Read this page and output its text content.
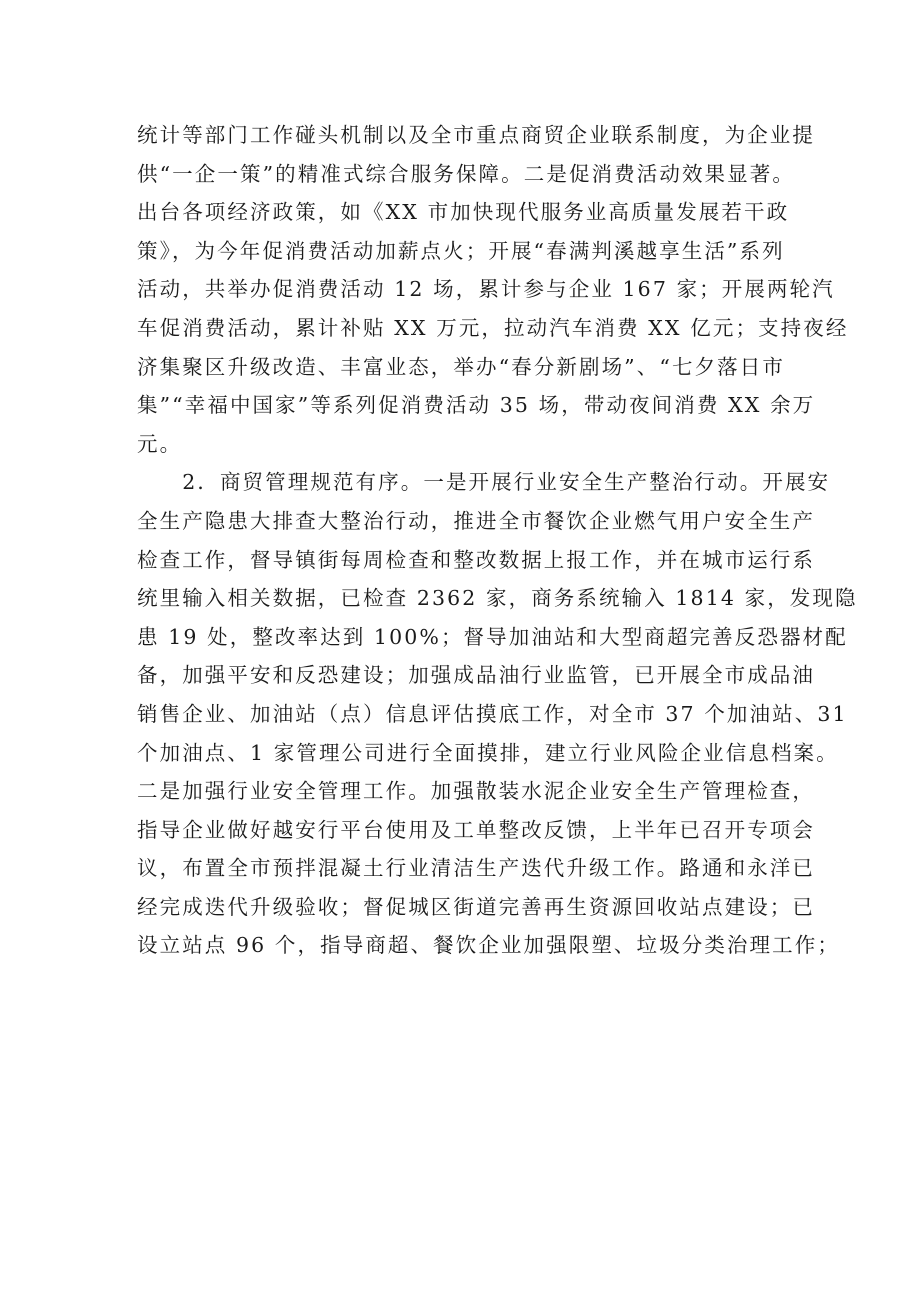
统计等部门工作碰头机制以及全市重点商贸企业联系制度，为企业提
供“一企一策”的精准式综合服务保障。二是促消费活动效果显著。
出台各项经济政策，如《XX 市加快现代服务业高质量发展若干政
策》，为今年促消费活动加薪点火；开展“春满判溪越享生活”系列
活动，共举办促消费活动 12 场，累计参与企业 167 家；开展两轮汽
车促消费活动，累计补贴 XX 万元，拉动汽车消费 XX 亿元；支持夜经
济集聚区升级改造、丰富业态，举办“春分新剧场”、“七夕落日市
集”“幸福中国家”等系列促消费活动 35 场，带动夜间消费 XX 余万
元。
　　2．商贸管理规范有序。一是开展行业安全生产整治行动。开展安
全生产隐患大排查大整治行动，推进全市餐饮企业燃气用户安全生产
检查工作，督导镇街每周检查和整改数据上报工作，并在城市运行系
统里输入相关数据，已检查 2362 家，商务系统输入 1814 家，发现隐
患 19 处，整改率达到 100%；督导加油站和大型商超完善反恐器材配
备，加强平安和反恐建设；加强成品油行业监管，已开展全市成品油
销售企业、加油站（点）信息评估摸底工作，对全市 37 个加油站、31
个加油点、1 家管理公司进行全面摸排，建立行业风险企业信息档案。
二是加强行业安全管理工作。加强散装水泥企业安全生产管理检查，
指导企业做好越安行平台使用及工单整改反馈，上半年已召开专项会
议，布置全市预拌混凝土行业清洁生产迭代升级工作。路通和永洋已
经完成迭代升级验收；督促城区街道完善再生资源回收站点建设；已
设立站点 96 个，指导商超、餐饮企业加强限塑、垃圾分类治理工作；
